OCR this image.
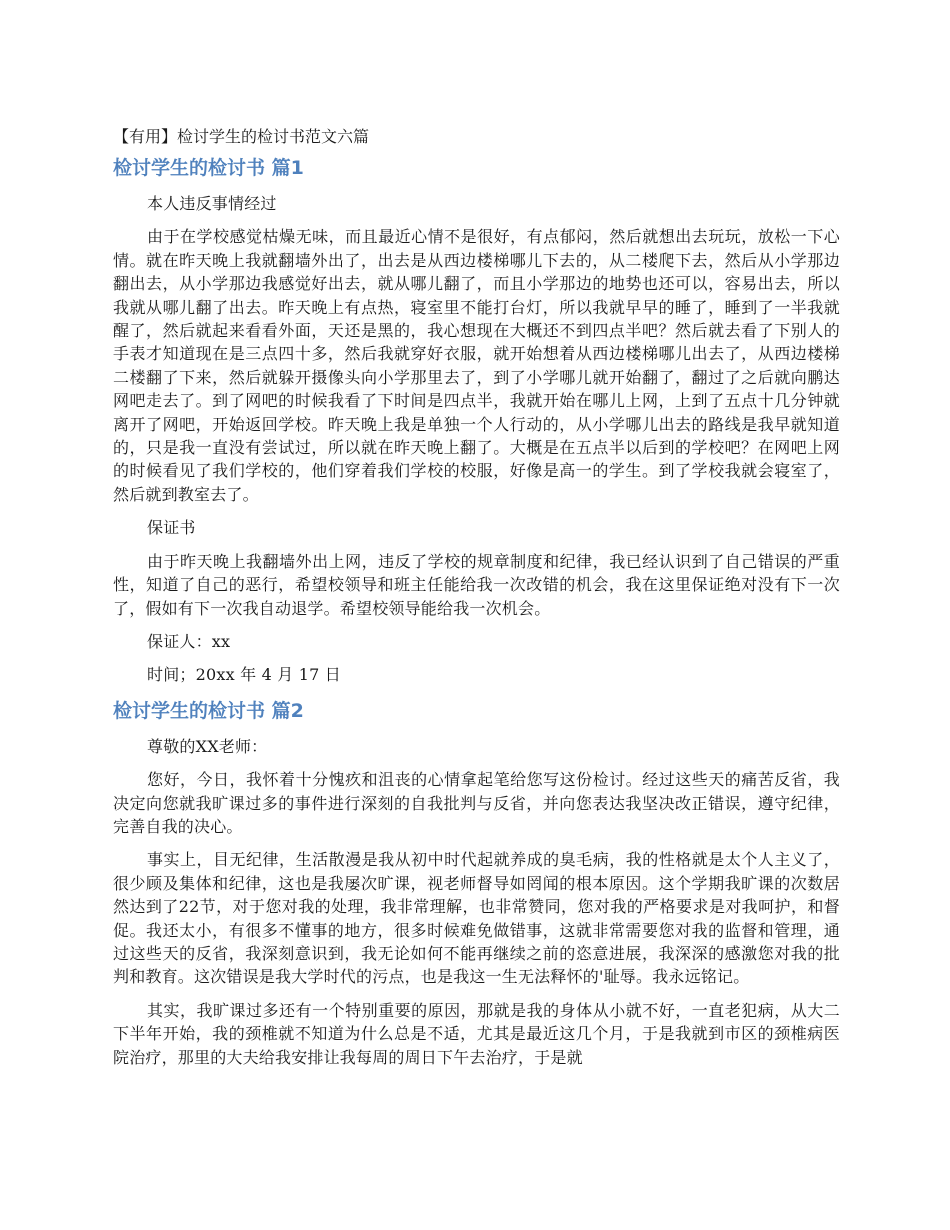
【有用】检讨学生的检讨书范文六篇
检讨学生的检讨书 篇1

本人违反事情经过

由于在学校感觉枯燥无味，而且最近心情不是很好，有点郁闷，然后就想出去玩玩，放松一下心情。就在昨天晚上我就翻墙外出了，出去是从西边楼梯哪儿下去的，从二楼爬下去，然后从小学那边翻出去，从小学那边我感觉好出去，就从哪儿翻了，而且小学那边的地势也还可以，容易出去，所以我就从哪儿翻了出去。昨天晚上有点热，寝室里不能打台灯，所以我就早早的睡了，睡到了一半我就醒了，然后就起来看看外面，天还是黑的，我心想现在大概还不到四点半吧？然后就去看了下别人的手表才知道现在是三点四十多，然后我就穿好衣服，就开始想着从西边楼梯哪儿出去了，从西边楼梯二楼翻了下来，然后就躲开摄像头向小学那里去了，到了小学哪儿就开始翻了，翻过了之后就向鹏达网吧走去了。到了网吧的时候我看了下时间是四点半，我就开始在哪儿上网，上到了五点十几分钟就离开了网吧，开始返回学校。昨天晚上我是单独一个人行动的，从小学哪儿出去的路线是我早就知道的，只是我一直没有尝试过，所以就在昨天晚上翻了。大概是在五点半以后到的学校吧？在网吧上网的时候看见了我们学校的，他们穿着我们学校的校服，好像是高一的学生。到了学校我就会寝室了，然后就到教室去了。

保证书

由于昨天晚上我翻墙外出上网，违反了学校的规章制度和纪律，我已经认识到了自己错误的严重性，知道了自己的恶行，希望校领导和班主任能给我一次改错的机会，我在这里保证绝对没有下一次了，假如有下一次我自动退学。希望校领导能给我一次机会。

保证人：xx

时间；20xx 年 4 月 17 日

检讨学生的检讨书 篇2

尊敬的XX老师：

您好，今日，我怀着十分愧疚和沮丧的心情拿起笔给您写这份检讨。经过这些天的痛苦反省，我决定向您就我旷课过多的事件进行深刻的自我批判与反省，并向您表达我坚决改正错误，遵守纪律，完善自我的决心。

事实上，目无纪律，生活散漫是我从初中时代起就养成的臭毛病，我的性格就是太个人主义了，很少顾及集体和纪律，这也是我屡次旷课，视老师督导如罔闻的根本原因。这个学期我旷课的次数居然达到了22节，对于您对我的处理，我非常理解，也非常赞同，您对我的严格要求是对我呵护，和督促。我还太小，有很多不懂事的地方，很多时候难免做错事，这就非常需要您对我的监督和管理，通过这些天的反省，我深刻意识到，我无论如何不能再继续之前的恣意进展，我深深的感激您对我的批判和教育。这次错误是我大学时代的污点，也是我这一生无法释怀的'耻辱。我永远铭记。

其实，我旷课过多还有一个特别重要的原因，那就是我的身体从小就不好，一直老犯病，从大二下半年开始，我的颈椎就不知道为什么总是不适，尤其是最近这几个月，于是我就到市区的颈椎病医院治疗，那里的大夫给我安排让我每周的周日下午去治疗，于是就
